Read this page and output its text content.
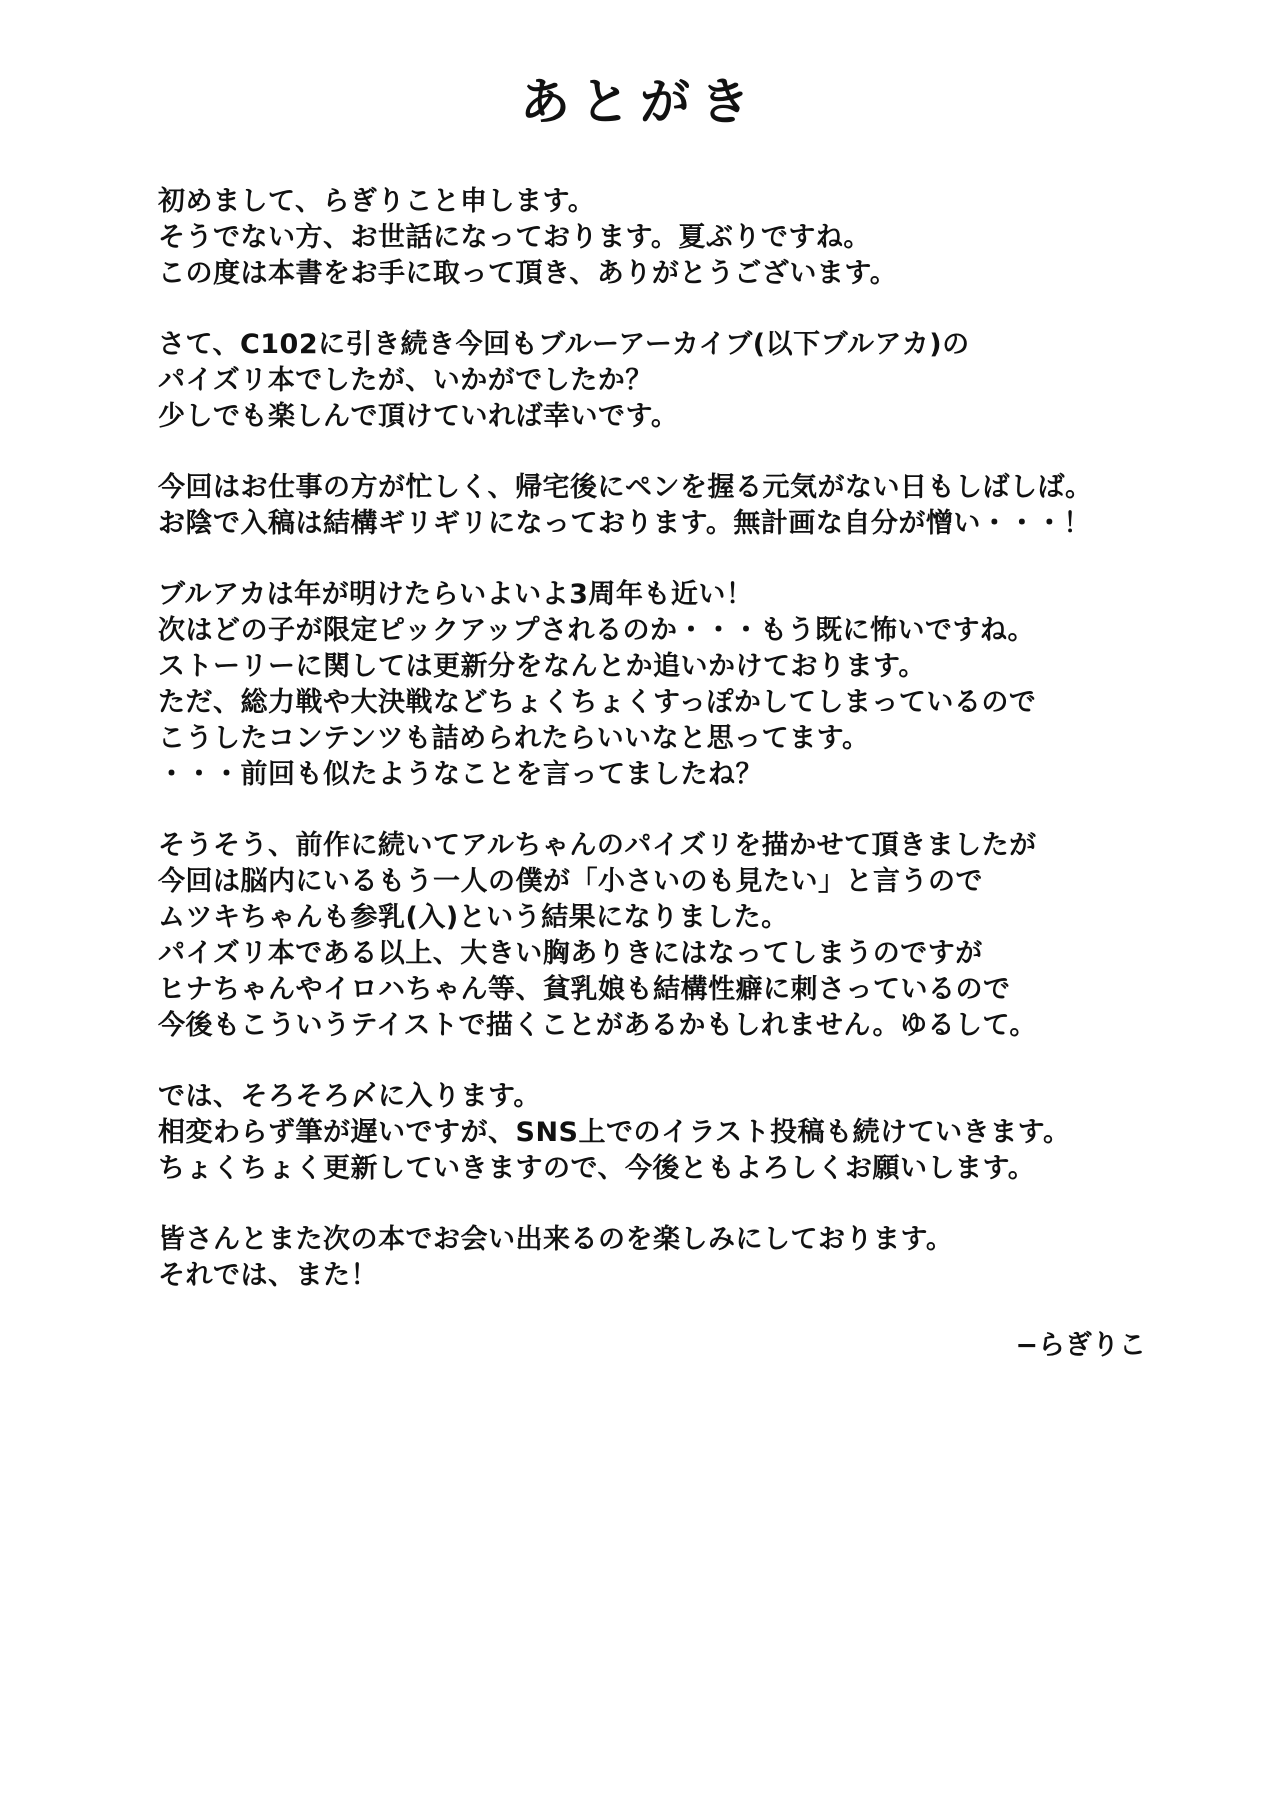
あとがき
初めまして、らぎりこと申します。
そうでない方、お世話になっております。夏ぶりですね。
この度は本書をお手に取って頂き、ありがとうございます。
さて、C102に引き続き今回もブルーアーカイブ(以下ブルアカ)の
パイズリ本でしたが、いかがでしたか？
少しでも楽しんで頂けていれば幸いです。
今回はお仕事の方が忙しく、帰宅後にペンを握る元気がない日もしばしば。
お陰で入稿は結構ギリギリになっております。無計画な自分が憎い・・・！
ブルアカは年が明けたらいよいよ3周年も近い！
次はどの子が限定ピックアップされるのか・・・もう既に怖いですね。
ストーリーに関しては更新分をなんとか追いかけております。
ただ、総力戦や大決戦などちょくちょくすっぽかしてしまっているので
こうしたコンテンツも詰められたらいいなと思ってます。
・・・前回も似たようなことを言ってましたね？
そうそう、前作に続いてアルちゃんのパイズリを描かせて頂きましたが
今回は脳内にいるもう一人の僕が「小さいのも見たい」と言うので
ムツキちゃんも参乳(入)という結果になりました。
パイズリ本である以上、大きい胸ありきにはなってしまうのですが
ヒナちゃんやイロハちゃん等、貧乳娘も結構性癖に刺さっているので
今後もこういうテイストで描くことがあるかもしれません。ゆるして。
では、そろそろ〆に入ります。
相変わらず筆が遅いですが、SNS上でのイラスト投稿も続けていきます。
ちょくちょく更新していきますので、今後ともよろしくお願いします。
皆さんとまた次の本でお会い出来るのを楽しみにしております。
それでは、また！
−らぎりこ
